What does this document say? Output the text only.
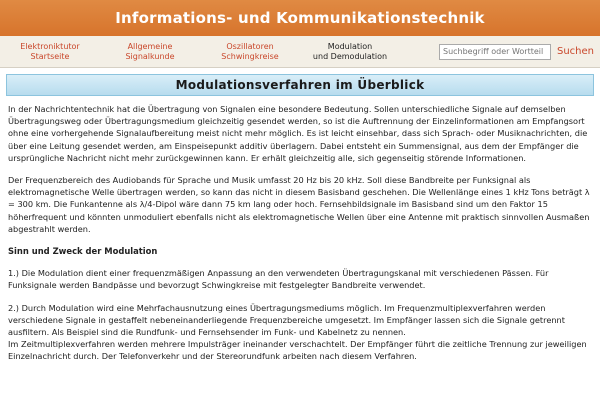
Informations- und Kommunikationstechnik
Elektroniktutor
Startseite
Allgemeine
Signalkunde
Oszillatoren
Schwingkreise
Modulation
und Demodulation
Suchbegriff oder Wortteil	Suchen
Modulationsverfahren im Überblick

In der Nachrichtentechnik hat die Übertragung von Signalen eine besondere Bedeutung. Sollen unterschiedliche Signale auf demselben Übertragungsweg oder Übertragungsmedium gleichzeitig gesendet werden, so ist die Auftrennung der Einzelinformationen am Empfangsort ohne eine vorhergehende Signalaufbereitung meist nicht mehr möglich. Es ist leicht einsehbar, dass sich Sprach- oder Musiknachrichten, die über eine Leitung gesendet werden, am Einspeisepunkt additiv überlagern. Dabei entsteht ein Summensignal, aus dem der Empfänger die ursprüngliche Nachricht nicht mehr zurückgewinnen kann. Er erhält gleichzeitig alle, sich gegenseitig störende Informationen.

Der Frequenzbereich des Audiobands für Sprache und Musik umfasst 20 Hz bis 20 kHz. Soll diese Bandbreite per Funksignal als elektromagnetische Welle übertragen werden, so kann das nicht in diesem Basisband geschehen. Die Wellenlänge eines 1 kHz Tons beträgt λ = 300 km. Die Funkantenne als λ/4-Dipol wäre dann 75 km lang oder hoch. Fernsehbildsignale im Basisband sind um den Faktor 15 höherfrequent und könnten unmoduliert ebenfalls nicht als elektromagnetische Wellen über eine Antenne mit praktisch sinnvollen Ausmaßen abgestrahlt werden.

Sinn und Zweck der Modulation

1.) Die Modulation dient einer frequenzmäßigen Anpassung an den verwendeten Übertragungskanal mit verschiedenen Pässen. Für Funksignale werden Bandpässe und bevorzugt Schwingkreise mit festgelegter Bandbreite verwendet.

2.) Durch Modulation wird eine Mehrfachausnutzung eines Übertragungsmediums möglich. Im Frequenzmultiplexverfahren werden verschiedene Signale in gestaffelt nebeneinanderliegende Frequenzbereiche umgesetzt. Im Empfänger lassen sich die Signale getrennt ausfiltern. Als Beispiel sind die Rundfunk- und Fernsehsender im Funk- und Kabelnetz zu nennen.

Im Zeitmultiplexverfahren werden mehrere Impulsträger ineinander verschachtelt. Der Empfänger führt die zeitliche Trennung zur jeweiligen Einzelnachricht durch. Der Telefonverkehr und der Stereorundfunk arbeiten nach diesem Verfahren.
